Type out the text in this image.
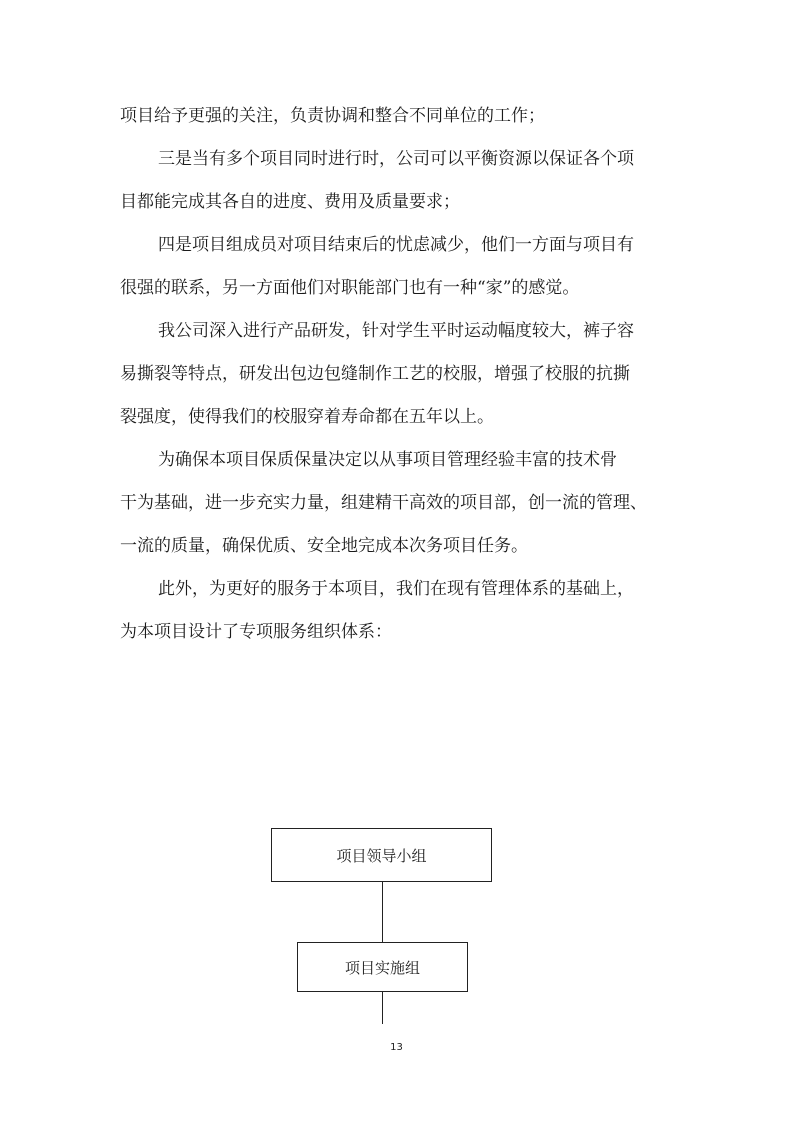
项目给予更强的关注，负责协调和整合不同单位的工作；
三是当有多个项目同时进行时，公司可以平衡资源以保证各个项
目都能完成其各自的进度、费用及质量要求；
四是项目组成员对项目结束后的忧虑减少，他们一方面与项目有
很强的联系，另一方面他们对职能部门也有一种“家”的感觉。
我公司深入进行产品研发，针对学生平时运动幅度较大，裤子容
易撕裂等特点，研发出包边包缝制作工艺的校服，增强了校服的抗撕
裂强度，使得我们的校服穿着寿命都在五年以上。
为确保本项目保质保量决定以从事项目管理经验丰富的技术骨
干为基础，进一步充实力量，组建精干高效的项目部，创一流的管理、
一流的质量，确保优质、安全地完成本次务项目任务。
此外，为更好的服务于本项目，我们在现有管理体系的基础上，
为本项目设计了专项服务组织体系：
项目领导小组
项目实施组
13
